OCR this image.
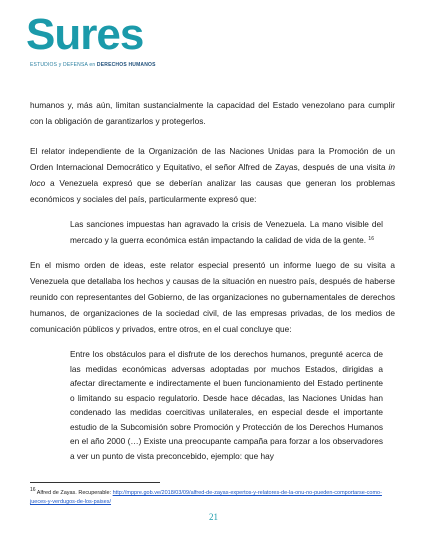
Sures
ESTUDIOS y DEFENSA en DERECHOS HUMANOS

humanos y, más aún, limitan sustancialmente la capacidad del Estado venezolano para cumplir con la obligación de garantizarlos y protegerlos.

El relator independiente de la Organización de las Naciones Unidas para la Promoción de un Orden Internacional Democrático y Equitativo, el señor Alfred de Zayas, después de una visita in loco a Venezuela expresó que se deberían analizar las causas que generan los problemas económicos y sociales del país, particularmente expresó que:

Las sanciones impuestas han agravado la crisis de Venezuela. La mano visible del mercado y la guerra económica están impactando la calidad de vida de la gente. $^{16}$

En el mismo orden de ideas, este relator especial presentó un informe luego de su visita a Venezuela que detallaba los hechos y causas de la situación en nuestro país, después de haberse reunido con representantes del Gobierno, de las organizaciones no gubernamentales de derechos humanos, de organizaciones de la sociedad civil, de las empresas privadas, de los medios de comunicación públicos y privados, entre otros, en el cual concluye que:

Entre los obstáculos para el disfrute de los derechos humanos, pregunté acerca de las medidas económicas adversas adoptadas por muchos Estados, dirigidas a afectar directamente e indirectamente el buen funcionamiento del Estado pertinente o limitando su espacio regulatorio. Desde hace décadas, las Naciones Unidas han condenado las medidas coercitivas unilaterales, en especial desde el importante estudio de la Subcomisión sobre Promoción y Protección de los Derechos Humanos en el año 2000 (…) Existe una preocupante campaña para forzar a los observadores a ver un punto de vista preconcebido, ejemplo: que hay

$^{16}$ Alfred de Zayas. Recuperable: http://mppre.gob.ve/2018/03/09/alfred-de-zayas-expertos-y-relatores-de-la-onu-no-pueden-comportarse-como-jueces-y-verdugos-de-los-paises/
21
